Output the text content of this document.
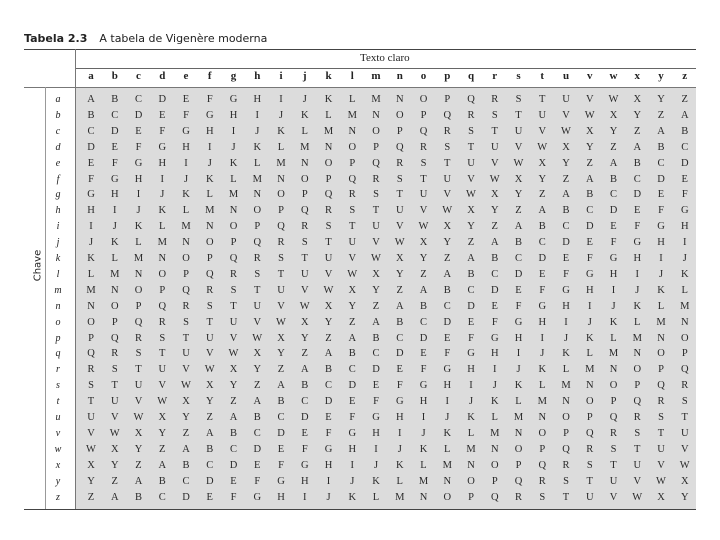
Tabela 2.3 A tabela de Vigenère moderna
Texto claro
Chave
a	b	c	d	e	f	g	h	i	j	k	l	m	n	o	p	q	r	s	t	u	v	w	x	y	z
a	A	B	C	D	E	F	G	H	I	J	K	L	M	N	O	P	Q	R	S	T	U	V	W	X	Y	Z
b	B	C	D	E	F	G	H	I	J	K	L	M	N	O	P	Q	R	S	T	U	V	W	X	Y	Z	A
c	C	D	E	F	G	H	I	J	K	L	M	N	O	P	Q	R	S	T	U	V	W	X	Y	Z	A	B
d	D	E	F	G	H	I	J	K	L	M	N	O	P	Q	R	S	T	U	V	W	X	Y	Z	A	B	C
e	E	F	G	H	I	J	K	L	M	N	O	P	Q	R	S	T	U	V	W	X	Y	Z	A	B	C	D
f	F	G	H	I	J	K	L	M	N	O	P	Q	R	S	T	U	V	W	X	Y	Z	A	B	C	D	E
g	G	H	I	J	K	L	M	N	O	P	Q	R	S	T	U	V	W	X	Y	Z	A	B	C	D	E	F
h	H	I	J	K	L	M	N	O	P	Q	R	S	T	U	V	W	X	Y	Z	A	B	C	D	E	F	G
i	I	J	K	L	M	N	O	P	Q	R	S	T	U	V	W	X	Y	Z	A	B	C	D	E	F	G	H
j	J	K	L	M	N	O	P	Q	R	S	T	U	V	W	X	Y	Z	A	B	C	D	E	F	G	H	I
k	K	L	M	N	O	P	Q	R	S	T	U	V	W	X	Y	Z	A	B	C	D	E	F	G	H	I	J
l	L	M	N	O	P	Q	R	S	T	U	V	W	X	Y	Z	A	B	C	D	E	F	G	H	I	J	K
m	M	N	O	P	Q	R	S	T	U	V	W	X	Y	Z	A	B	C	D	E	F	G	H	I	J	K	L
n	N	O	P	Q	R	S	T	U	V	W	X	Y	Z	A	B	C	D	E	F	G	H	I	J	K	L	M
o	O	P	Q	R	S	T	U	V	W	X	Y	Z	A	B	C	D	E	F	G	H	I	J	K	L	M	N
p	P	Q	R	S	T	U	V	W	X	Y	Z	A	B	C	D	E	F	G	H	I	J	K	L	M	N	O
q	Q	R	S	T	U	V	W	X	Y	Z	A	B	C	D	E	F	G	H	I	J	K	L	M	N	O	P
r	R	S	T	U	V	W	X	Y	Z	A	B	C	D	E	F	G	H	I	J	K	L	M	N	O	P	Q
s	S	T	U	V	W	X	Y	Z	A	B	C	D	E	F	G	H	I	J	K	L	M	N	O	P	Q	R
t	T	U	V	W	X	Y	Z	A	B	C	D	E	F	G	H	I	J	K	L	M	N	O	P	Q	R	S
u	U	V	W	X	Y	Z	A	B	C	D	E	F	G	H	I	J	K	L	M	N	O	P	Q	R	S	T
v	V	W	X	Y	Z	A	B	C	D	E	F	G	H	I	J	K	L	M	N	O	P	Q	R	S	T	U
w	W	X	Y	Z	A	B	C	D	E	F	G	H	I	J	K	L	M	N	O	P	Q	R	S	T	U	V
x	X	Y	Z	A	B	C	D	E	F	G	H	I	J	K	L	M	N	O	P	Q	R	S	T	U	V	W
y	Y	Z	A	B	C	D	E	F	G	H	I	J	K	L	M	N	O	P	Q	R	S	T	U	V	W	X
z	Z	A	B	C	D	E	F	G	H	I	J	K	L	M	N	O	P	Q	R	S	T	U	V	W	X	Y
